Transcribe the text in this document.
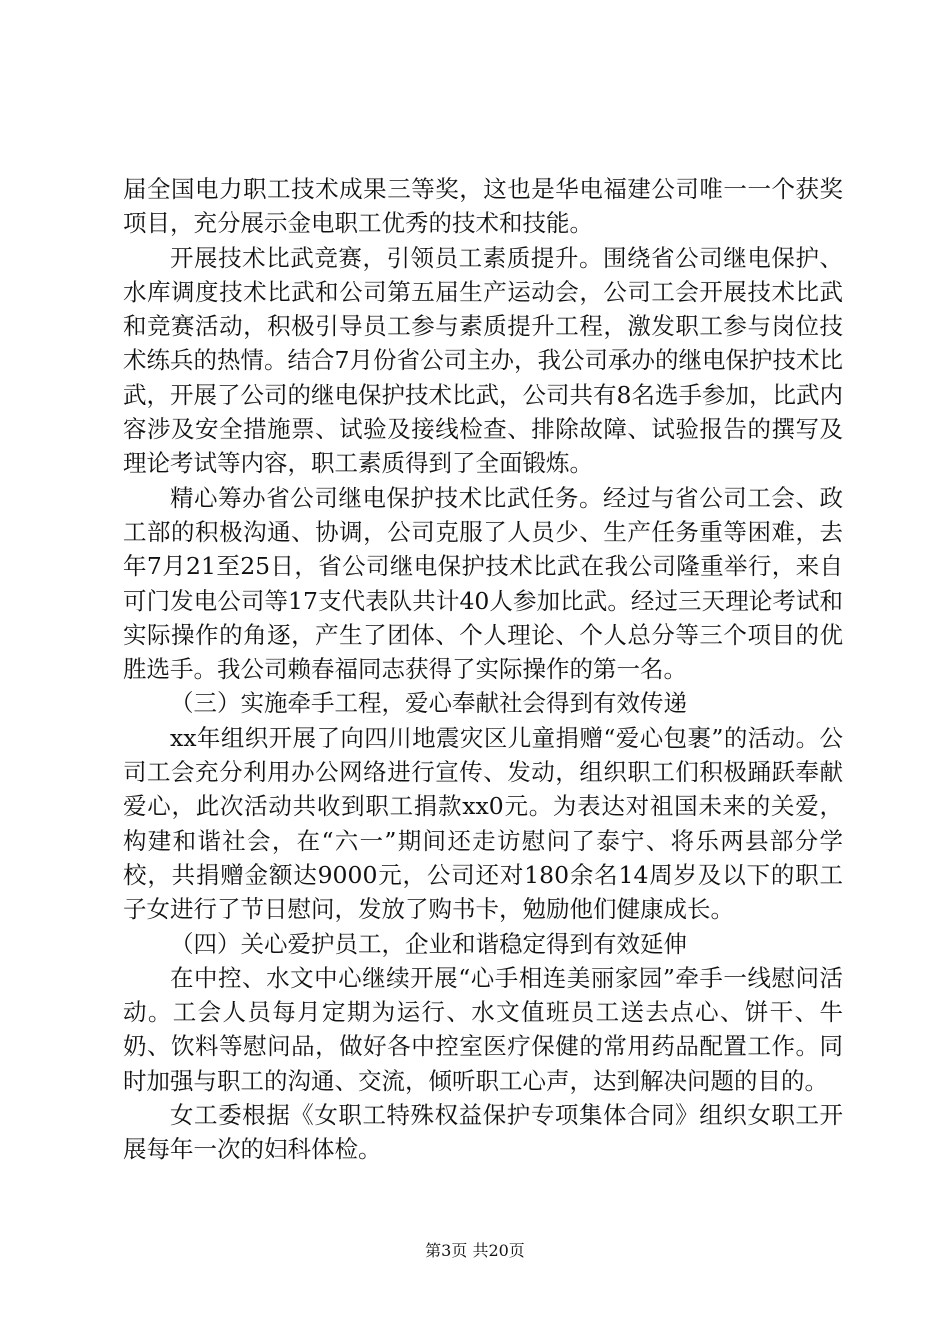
届全国电力职工技术成果三等奖，这也是华电福建公司唯一一个获奖项目，充分展示金电职工优秀的技术和技能。

开展技术比武竞赛，引领员工素质提升。围绕省公司继电保护、水库调度技术比武和公司第五届生产运动会，公司工会开展技术比武和竞赛活动，积极引导员工参与素质提升工程，激发职工参与岗位技术练兵的热情。结合7月份省公司主办，我公司承办的继电保护技术比武，开展了公司的继电保护技术比武，公司共有8名选手参加，比武内容涉及安全措施票、试验及接线检查、排除故障、试验报告的撰写及理论考试等内容，职工素质得到了全面锻炼。

精心筹办省公司继电保护技术比武任务。经过与省公司工会、政工部的积极沟通、协调，公司克服了人员少、生产任务重等困难，去年7月21至25日，省公司继电保护技术比武在我公司隆重举行，来自可门发电公司等17支代表队共计40人参加比武。经过三天理论考试和实际操作的角逐，产生了团体、个人理论、个人总分等三个项目的优胜选手。我公司赖春福同志获得了实际操作的第一名。

（三）实施牵手工程，爱心奉献社会得到有效传递

xx年组织开展了向四川地震灾区儿童捐赠“爱心包裹”的活动。公司工会充分利用办公网络进行宣传、发动，组织职工们积极踊跃奉献爱心，此次活动共收到职工捐款xx0元。为表达对祖国未来的关爱，构建和谐社会，在“六一”期间还走访慰问了泰宁、将乐两县部分学校，共捐赠金额达9000元，公司还对180余名14周岁及以下的职工子女进行了节日慰问，发放了购书卡，勉励他们健康成长。

（四）关心爱护员工，企业和谐稳定得到有效延伸

在中控、水文中心继续开展“心手相连美丽家园”牵手一线慰问活动。工会人员每月定期为运行、水文值班员工送去点心、饼干、牛奶、饮料等慰问品，做好各中控室医疗保健的常用药品配置工作。同时加强与职工的沟通、交流，倾听职工心声，达到解决问题的目的。

女工委根据《女职工特殊权益保护专项集体合同》组织女职工开展每年一次的妇科体检。

第3页 共20页
